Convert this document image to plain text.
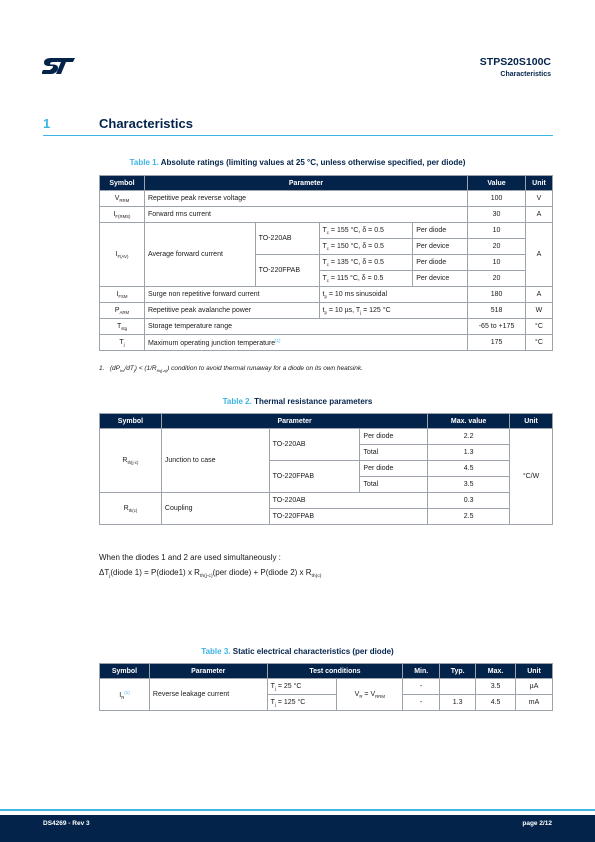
STPS20S100C
Characteristics
1	Characteristics
Table 1. Absolute ratings (limiting values at 25 °C, unless otherwise specified, per diode)
Symbol	Parameter				Value	Unit
$V_{RRM}$	Repetitive peak reverse voltage				100	V
$I_{F(RMS)}$	Forward rms current				30	A
$I_{F(AV)}$	Average forward current	TO-220AB	$T_c = 155$ °C, δ = 0.5	Per diode	10	A
			$T_c = 150$ °C, δ = 0.5	Per device	20	
		TO-220FPAB	$T_c = 135$ °C, δ = 0.5	Per diode	10	
			$T_c = 115$ °C, δ = 0.5	Per device	20	
$I_{FSM}$	Surge non repetitive forward current		$t_p = 10$ ms sinusoidal		180	A
$P_{ARM}$	Repetitive peak avalanche power		$t_p = 10$ µs, $T_j = 125$ °C		518	W
$T_{stg}$	Storage temperature range				-65 to +175	°C
$T_j$	Maximum operating junction temperature$^{(1)}$				175	°C
1. $(dP_{tot}/dT_j) < (1/R_{th(j-a)})$ condition to avoid thermal runaway for a diode on its own heatsink.
Table 2. Thermal resistance parameters
Symbol	Parameter			Max. value	Unit
$R_{th(j-c)}$	Junction to case	TO-220AB	Per diode	2.2	°C/W
			Total	1.3	
		TO-220FPAB	Per diode	4.5	
			Total	3.5	
$R_{th(c)}$	Coupling	TO-220AB		0.3	
		TO-220FPAB		2.5	
When the diodes 1 and 2 are used simultaneously :
$\Delta T_j(diode$ 1) = P(diode1) x $R_{th(j-c)}(per$ diode) + P(diode 2) x $R_{th(c)}$
Table 3. Static electrical characteristics (per diode)
Symbol	Parameter	Test conditions		Min.	Typ.	Max.	Unit
$I_R^{(1)}$	Reverse leakage current	$T_j = 25$ °C	$V_R = V_{RRM}$	-		3.5	µA
		$T_j = 125$ °C		-	1.3	4.5	mA
DS4269 - Rev 3	page 2/12
